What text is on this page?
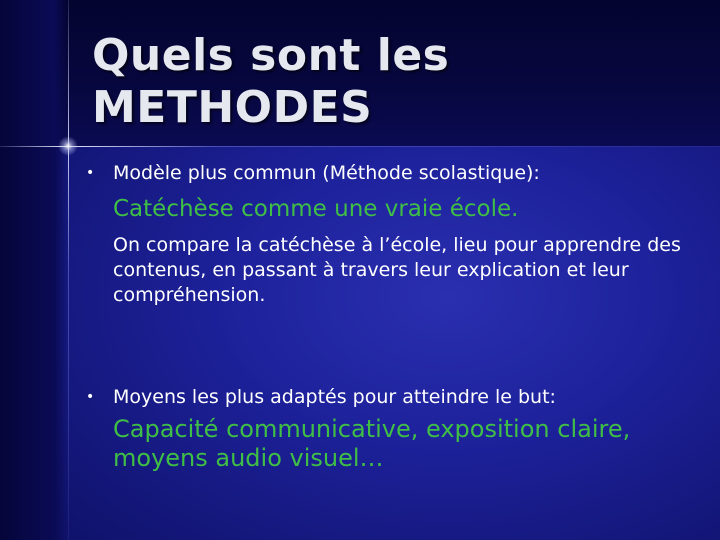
Quels sont les
METHODES
• Modèle plus commun (Méthode scolastique):
Catéchèse comme une vraie école.
On compare la catéchèse à l’école, lieu pour apprendre des contenus, en passant à travers leur explication et leur compréhension.
• Moyens les plus adaptés pour atteindre le but:
Capacité communicative, exposition claire, moyens audio visuel…
